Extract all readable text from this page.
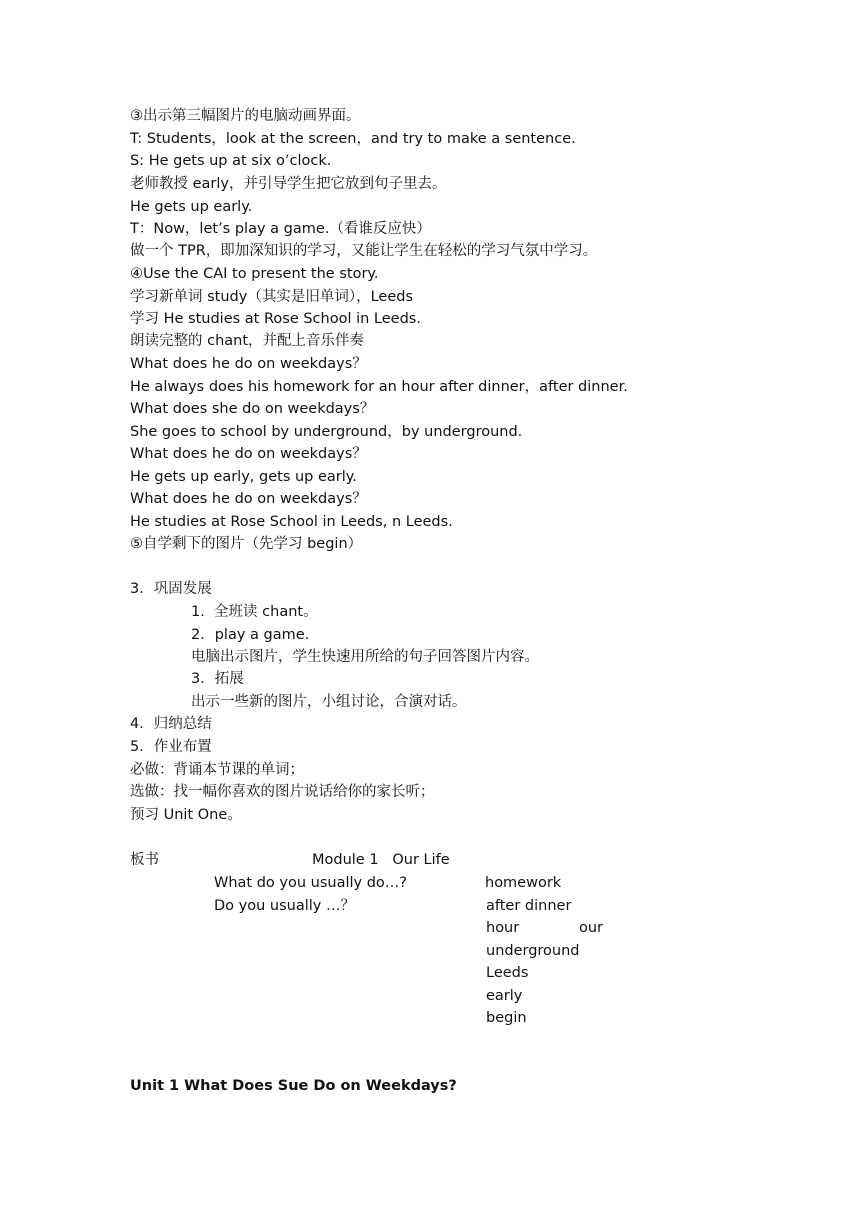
③出示第三幅图片的电脑动画界面。
T: Students，look at the screen，and try to make a sentence.
S: He gets up at six o’clock.
老师教授 early，并引导学生把它放到句子里去。
He gets up early.
T：Now，let’s play a game.（看谁反应快）
做一个 TPR，即加深知识的学习，又能让学生在轻松的学习气氛中学习。
④Use the CAI to present the story.
学习新单词 study（其实是旧单词），Leeds
学习 He studies at Rose School in Leeds.
朗读完整的 chant，并配上音乐伴奏
What does he do on weekdays？
He always does his homework for an hour after dinner，after dinner.
What does she do on weekdays？
She goes to school by underground，by underground.
What does he do on weekdays？
He gets up early, gets up early.
What does he do on weekdays？
He studies at Rose School in Leeds, n Leeds.
⑤自学剩下的图片（先学习 begin）
3．巩固发展
1.  全班读 chant。
2．play a game.
电脑出示图片，学生快速用所给的句子回答图片内容。
3．拓展
出示一些新的图片，小组讨论，合演对话。
4．归纳总结
5．作业布置
必做：背诵本节课的单词；
选做：找一幅你喜欢的图片说话给你的家长听；
预习 Unit One。
板书	Module 1   Our Life
What do you usually do…?
Do you usually …？
homework
after dinner
hour	our
underground
Leeds
early
begin
Unit 1 What Does Sue Do on Weekdays?
